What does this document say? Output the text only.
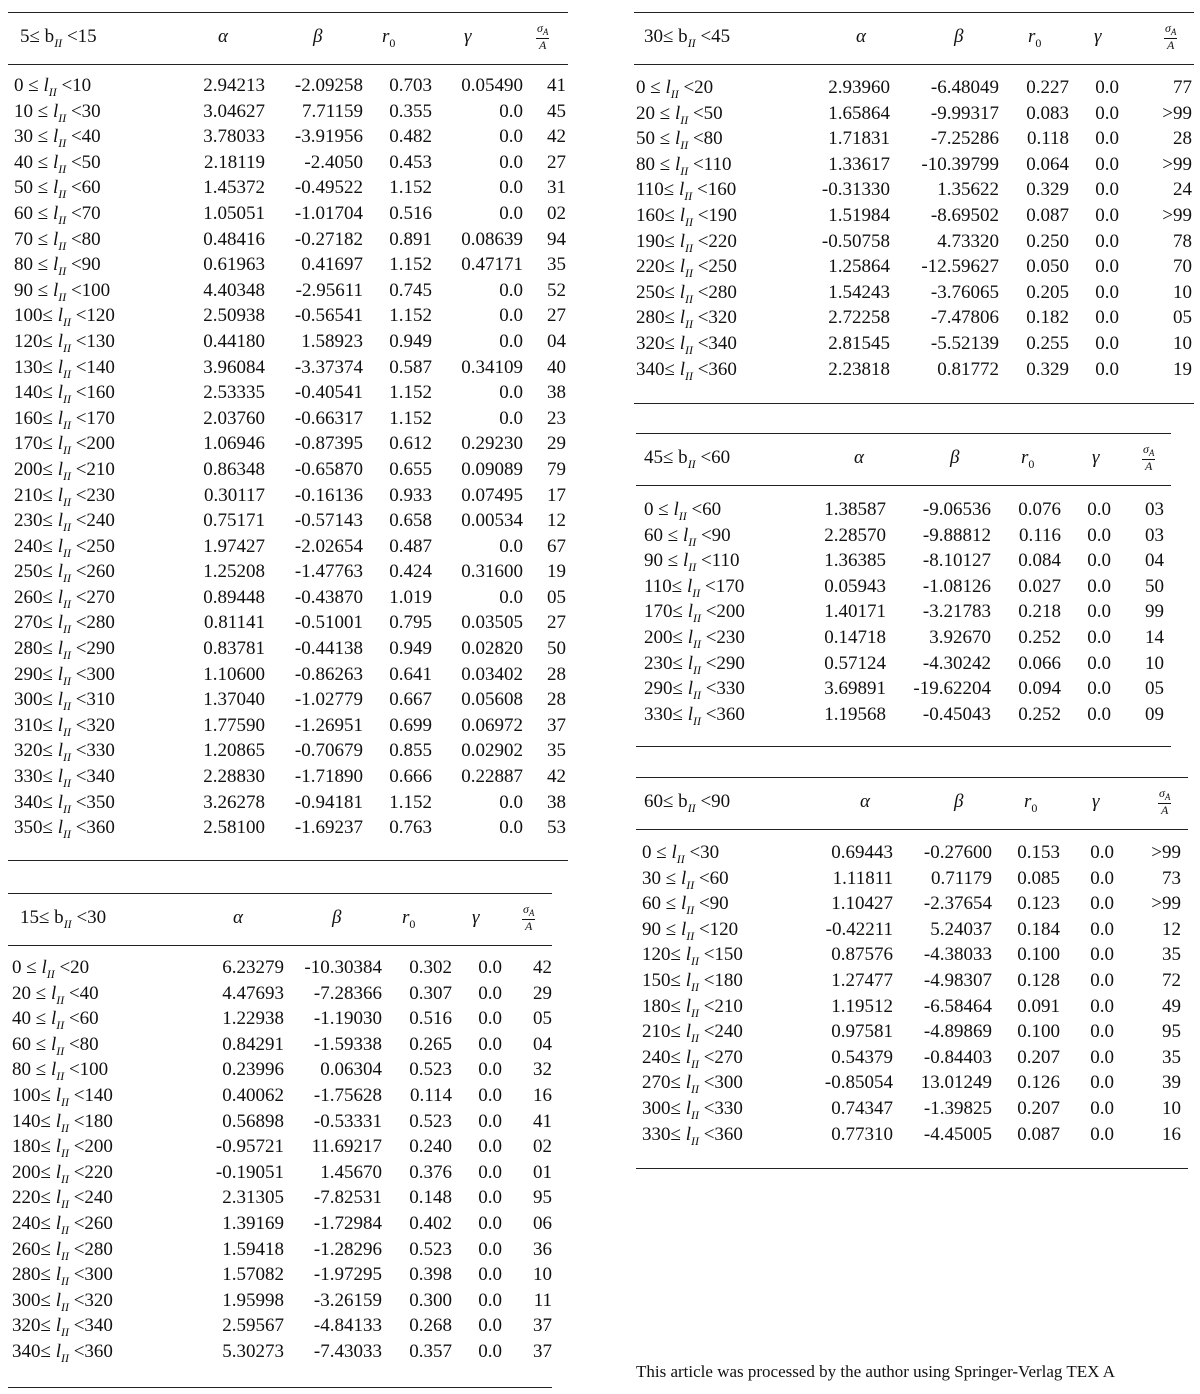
$5\le b_{II} <15$	α	β	$r_0$	γ	$\frac{\sigma_A}{A}$
$0 \le l_{II} <10$	2.94213 -2.09258 0.703 0.05490 41
$10 \le l_{II} <30$	3.04627 7.71159 0.355	0.0 45
$30 \le l_{II} <40$	3.78033 -3.91956 0.482	0.0 42
$40 \le l_{II} <50$	2.18119 -2.4050 0.453	0.0 27
$50 \le l_{II} <60$	1.45372 -0.49522 1.152	0.0 31
$60 \le l_{II} <70$	1.05051 -1.01704 0.516	0.0 02
$70 \le l_{II} <80$	0.48416 -0.27182 0.891 0.08639 94
$80 \le l_{II} <90$	0.61963 0.41697 1.152 0.47171 35
$90 \le l_{II} <100$	4.40348 -2.95611 0.745	0.0 52
$100\le l_{II} <120$	2.50938 -0.56541 1.152	0.0 27
$120\le l_{II} <130$	0.44180 1.58923 0.949	0.0 04
$130\le l_{II} <140$	3.96084 -3.37374 0.587 0.34109 40
$140\le l_{II} <160$	2.53335 -0.40541 1.152	0.0 38
$160\le l_{II} <170$	2.03760 -0.66317 1.152	0.0 23
$170\le l_{II} <200$	1.06946 -0.87395 0.612 0.29230 29
$200\le l_{II} <210$	0.86348 -0.65870 0.655 0.09089 79
$210\le l_{II} <230$	0.30117 -0.16136 0.933 0.07495 17
$230\le l_{II} <240$	0.75171 -0.57143 0.658 0.00534 12
$240\le l_{II} <250$	1.97427 -2.02654 0.487	0.0 67
$250\le l_{II} <260$	1.25208 -1.47763 0.424 0.31600 19
$260\le l_{II} <270$	0.89448 -0.43870 1.019	0.0 05
$270\le l_{II} <280$	0.81141 -0.51001 0.795 0.03505 27
$280\le l_{II} <290$	0.83781 -0.44138 0.949 0.02820 50
$290\le l_{II} <300$	1.10600 -0.86263 0.641 0.03402 28
$300\le l_{II} <310$	1.37040 -1.02779 0.667 0.05608 28
$310\le l_{II} <320$	1.77590 -1.26951 0.699 0.06972 37
$320\le l_{II} <330$	1.20865 -0.70679 0.855 0.02902 35
$330\le l_{II} <340$	2.28830 -1.71890 0.666 0.22887 42
$340\le l_{II} <350$	3.26278 -0.94181 1.152	0.0 38
$350\le l_{II} <360$	2.58100 -1.69237 0.763	0.0 53
$15\le b_{II} <30$	α	β	$r_0$	γ	$\frac{\sigma_A}{A}$
$0 \le l_{II} <20$	6.23279 -10.30384 0.302 0.0 42
$20 \le l_{II} <40$	4.47693 -7.28366 0.307 0.0 29
$40 \le l_{II} <60$	1.22938 -1.19030 0.516 0.0 05
$60 \le l_{II} <80$	0.84291 -1.59338 0.265 0.0 04
$80 \le l_{II} <100$	0.23996 0.06304 0.523 0.0 32
$100\le l_{II} <140$	0.40062 -1.75628 0.114 0.0 16
$140\le l_{II} <180$	0.56898 -0.53331 0.523 0.0 41
$180\le l_{II} <200$	-0.95721 11.69217 0.240 0.0 02
$200\le l_{II} <220$	-0.19051 1.45670 0.376 0.0 01
$220\le l_{II} <240$	2.31305 -7.82531 0.148 0.0 95
$240\le l_{II} <260$	1.39169 -1.72984 0.402 0.0 06
$260\le l_{II} <280$	1.59418 -1.28296 0.523 0.0 36
$280\le l_{II} <300$	1.57082 -1.97295 0.398 0.0 10
$300\le l_{II} <320$	1.95998 -3.26159 0.300 0.0 11
$320\le l_{II} <340$	2.59567 -4.84133 0.268 0.0 37
$340\le l_{II} <360$	5.30273 -7.43033 0.357 0.0 37
$30\le b_{II} <45$	α	β	$r_0$	γ	$\frac{\sigma_A}{A}$
$0 \le l_{II} <20$	2.93960 -6.48049 0.227 0.0	77
$20 \le l_{II} <50$	1.65864 -9.99317 0.083 0.0 >99
$50 \le l_{II} <80$	1.71831 -7.25286 0.118 0.0	28
$80 \le l_{II} <110$	1.33617 -10.39799 0.064 0.0 >99
$110\le l_{II} <160$	-0.31330 1.35622 0.329 0.0	24
$160\le l_{II} <190$	1.51984 -8.69502 0.087 0.0 >99
$190\le l_{II} <220$	-0.50758 4.73320 0.250 0.0	78
$220\le l_{II} <250$	1.25864 -12.59627 0.050 0.0	70
$250\le l_{II} <280$	1.54243 -3.76065 0.205 0.0	10
$280\le l_{II} <320$	2.72258 -7.47806 0.182 0.0	05
$320\le l_{II} <340$	2.81545 -5.52139 0.255 0.0	10
$340\le l_{II} <360$	2.23818 0.81772 0.329 0.0	19
$45\le b_{II} <60$	α	β	$r_0$	γ	$\frac{\sigma_A}{A}$
$0 \le l_{II} <60$	1.38587 -9.06536 0.076 0.0 03
$60 \le l_{II} <90$	2.28570 -9.88812 0.116 0.0 03
$90 \le l_{II} <110$	1.36385 -8.10127 0.084 0.0 04
$110\le l_{II} <170$	0.05943 -1.08126 0.027 0.0 50
$170\le l_{II} <200$	1.40171 -3.21783 0.218 0.0 99
$200\le l_{II} <230$	0.14718 3.92670 0.252 0.0 14
$230\le l_{II} <290$	0.57124 -4.30242 0.066 0.0 10
$290\le l_{II} <330$	3.69891 -19.62204 0.094 0.0 05
$330\le l_{II} <360$	1.19568 -0.45043 0.252 0.0 09
$60\le b_{II} <90$	α	β	$r_0$	γ	$\frac{\sigma_A}{A}$
$0 \le l_{II} <30$	0.69443 -0.27600 0.153 0.0 >99
$30 \le l_{II} <60$	1.11811 0.71179 0.085 0.0	73
$60 \le l_{II} <90$	1.10427 -2.37654 0.123 0.0 >99
$90 \le l_{II} <120$	-0.42211 5.24037 0.184 0.0	12
$120\le l_{II} <150$	0.87576 -4.38033 0.100 0.0	35
$150\le l_{II} <180$	1.27477 -4.98307 0.128 0.0	72
$180\le l_{II} <210$	1.19512 -6.58464 0.091 0.0	49
$210\le l_{II} <240$	0.97581 -4.89869 0.100 0.0	95
$240\le l_{II} <270$	0.54379 -0.84403 0.207 0.0	35
$270\le l_{II} <300$	-0.85054 13.01249 0.126 0.0	39
$300\le l_{II} <330$	0.74347 -1.39825 0.207 0.0	10
$330\le l_{II} <360$	0.77310 -4.45005 0.087 0.0	16
This article was processed by the author using Springer-Verlag TEX A
